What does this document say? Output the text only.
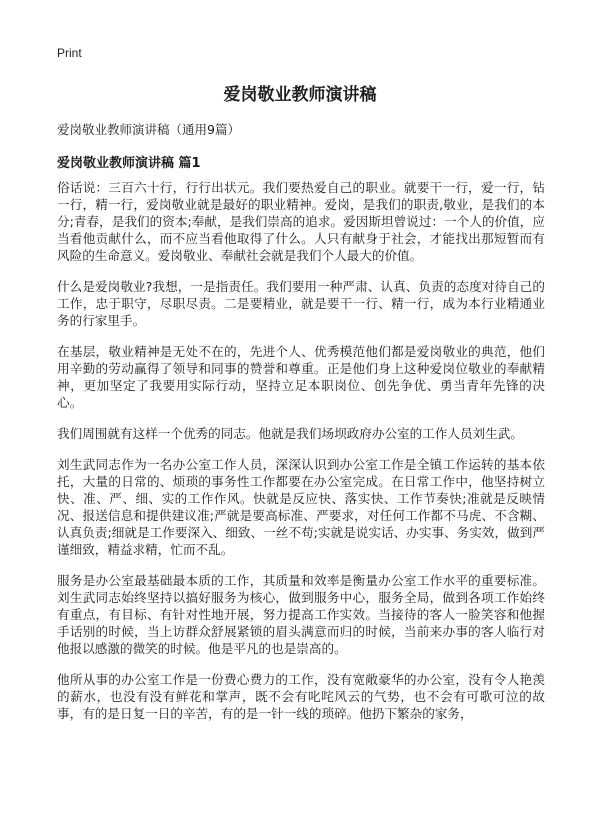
Print
爱岗敬业教师演讲稿

爱岗敬业教师演讲稿（通用9篇）

爱岗敬业教师演讲稿 篇1

俗话说：三百六十行，行行出状元。我们要热爱自己的职业。就要干一行，爱一行，钻一行，精一行，爱岗敬业就是最好的职业精神。爱岗，是我们的职责,敬业，是我们的本分;青春，是我们的资本;奉献，是我们崇高的追求。爱因斯坦曾说过：一个人的价值，应当看他贡献什么，而不应当看他取得了什么。人只有献身于社会，才能找出那短暂而有风险的生命意义。爱岗敬业、奉献社会就是我们个人最大的价值。

什么是爱岗敬业?我想，一是指责任。我们要用一种严肃、认真、负责的态度对待自己的工作，忠于职守，尽职尽责。二是要精业，就是要干一行、精一行，成为本行业精通业务的行家里手。

在基层，敬业精神是无处不在的，先进个人、优秀模范他们都是爱岗敬业的典范，他们用辛勤的劳动赢得了领导和同事的赞誉和尊重。正是他们身上这种爱岗位敬业的奉献精神，更加坚定了我要用实际行动，坚持立足本职岗位、创先争优、勇当青年先锋的决心。

我们周围就有这样一个优秀的同志。他就是我们场坝政府办公室的工作人员刘生武。

刘生武同志作为一名办公室工作人员，深深认识到办公室工作是全镇工作运转的基本依托，大量的日常的、烦琐的事务性工作都要在办公室完成。在日常工作中，他坚持树立快、准、严、细、实的工作作风。快就是反应快、落实快、工作节奏快;准就是反映情况、报送信息和提供建议准;严就是要高标准、严要求，对任何工作都不马虎、不含糊、认真负责;细就是工作要深入、细致、一丝不苟;实就是说实话、办实事、务实效，做到严谨细致，精益求精，忙而不乱。

服务是办公室最基础最本质的工作，其质量和效率是衡量办公室工作水平的重要标准。刘生武同志始终坚持以搞好服务为核心，做到服务中心，服务全局，做到各项工作始终有重点，有目标、有针对性地开展，努力提高工作实效。当接待的客人一脸笑容和他握手话别的时候，当上访群众舒展紧锁的眉头满意而归的时候，当前来办事的客人临行对他报以感激的微笑的时候。他是平凡的也是崇高的。

他所从事的办公室工作是一份费心费力的工作，没有宽敞豪华的办公室，没有令人艳羡的薪水，也没有没有鲜花和掌声，既不会有叱咤风云的气势，也不会有可歌可泣的故事，有的是日复一日的辛苦，有的是一针一线的琐碎。他扔下繁杂的家务，
